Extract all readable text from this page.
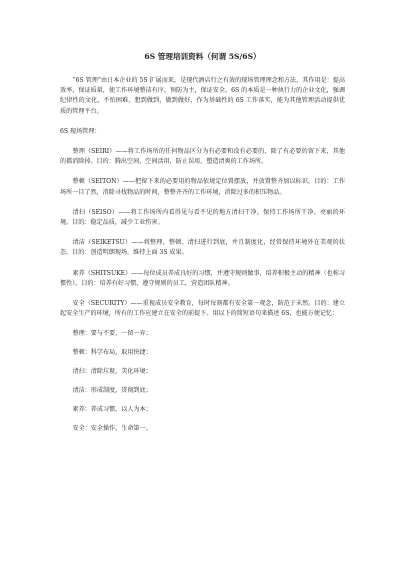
6S 管理培训资料（何谓 5S/6S）

“6S 管理”由日本企业的 5S 扩展而来，是现代酒店行之有效的现场管理理念和方法，其作用是：提高效率，保证质量，使工作环境整洁有序，预防为主，保证安全。6S 的本质是一种执行力的企业文化，强调纪律性的文化，不怕困难，想到做到，做到做好，作为基础性的 6S 工作落实，能为其他管理活动提供优质的管理平台。

6S 现场管理：

整理（SEIRI）——将工作场所的任何物品区分为有必要和没有必要的，除了有必要的留下来，其他的都消除掉。目的：腾出空间，空间活用，防止误用，塑造清爽的工作场所。

整顿（SEITON）——把留下来的必要用的物品依规定位置摆放，并放置整齐加以标识。目的：工作场所一目了然，消除寻找物品的时间，整整齐齐的工作环境，消除过多的积压物品。

清扫（SEISO）——将工作场所内看得见与看不见的地方清扫干净，保持工作场所干净、亮丽的环境。目的：稳定品质，减少工业伤害。

清洁（SEIKETSU）——将整理、整顿、清扫进行到底，并且制度化，经常保持环境外在美观的状态。目的：创造明朗现场，维持上面 3S 成果。

素养（SHITSUKE）——每位成员养成良好的习惯，并遵守规则做事，培养积极主动的精神（也称习惯性）。目的：培养有好习惯、遵守规则的员工，营造团队精神。

安全（SECURITY）——重视成员安全教育，每时每刻都有安全第一观念，防范于未然。目的：建立起安全生产的环境，所有的工作应建立在安全的前提下。用以下的简短语句来描述 6S，也能方便记忆：

整理：要与不要，一留一弃；
整顿：科学布局，取用快捷；
清扫：清除垃圾，美化环境；
清洁：形成制度，贯彻到底；
素养：养成习惯，以人为本；
安全：安全操作，生命第一。
